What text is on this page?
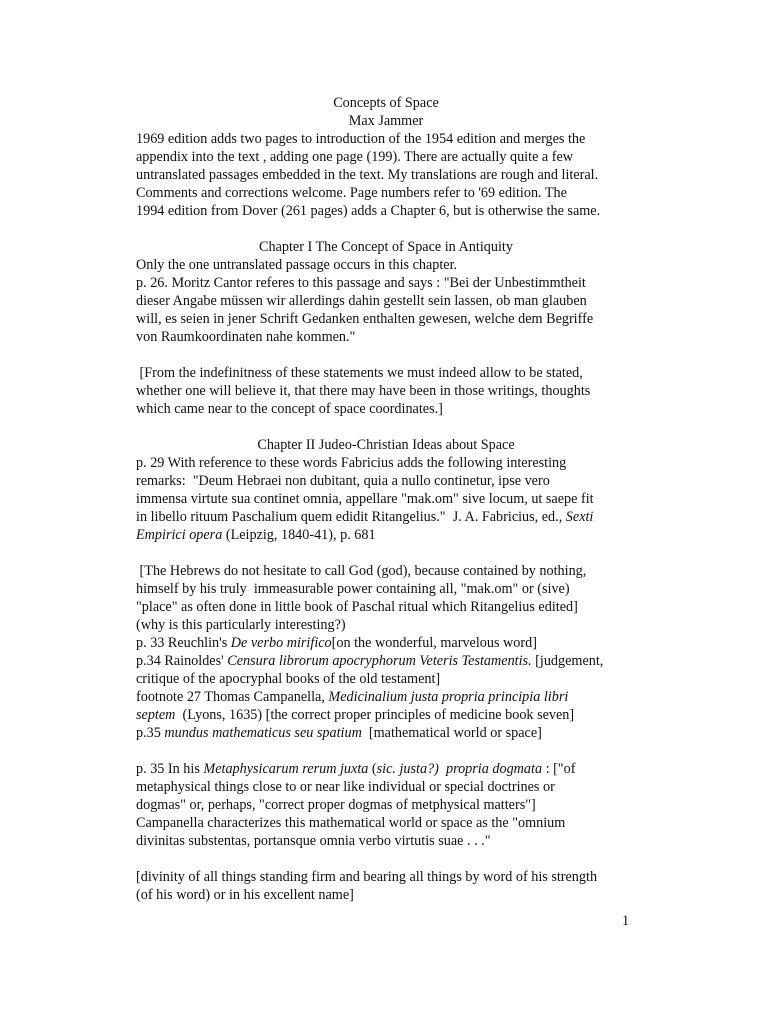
Concepts of Space
Max Jammer
1969 edition adds two pages to introduction of the 1954 edition and merges the
appendix into the text , adding one page (199). There are actually quite a few
untranslated passages embedded in the text. My translations are rough and literal.
Comments and corrections welcome. Page numbers refer to '69 edition. The
1994 edition from Dover (261 pages) adds a Chapter 6, but is otherwise the same.
Chapter I The Concept of Space in Antiquity
Only the one untranslated passage occurs in this chapter.
p. 26. Moritz Cantor referes to this passage and says : "Bei der Unbestimmtheit
dieser Angabe müssen wir allerdings dahin gestellt sein lassen, ob man glauben
will, es seien in jener Schrift Gedanken enthalten gewesen, welche dem Begriffe
von Raumkoordinaten nahe kommen."
[From the indefinitness of these statements we must indeed allow to be stated,
whether one will believe it, that there may have been in those writings, thoughts
which came near to the concept of space coordinates.]
Chapter II Judeo-Christian Ideas about Space
p. 29 With reference to these words Fabricius adds the following interesting
remarks:  "Deum Hebraei non dubitant, quia a nullo continetur, ipse vero
immensa virtute sua continet omnia, appellare "mak.om" sive locum, ut saepe fit
in libello rituum Paschalium quem edidit Ritangelius."  J. A. Fabricius, ed., Sexti
Empirici opera (Leipzig, 1840-41), p. 681
[The Hebrews do not hesitate to call God (god), because contained by nothing,
himself by his truly  immeasurable power containing all, "mak.om" or (sive)
"place" as often done in little book of Paschal ritual which Ritangelius edited]
(why is this particularly interesting?)
p. 33 Reuchlin's De verbo mirifico[on the wonderful, marvelous word]
p.34 Rainoldes' Censura librorum apocryphorum Veteris Testamentis. [judgement,
critique of the apocryphal books of the old testament]
footnote 27 Thomas Campanella, Medicinalium justa propria principia libri
septem  (Lyons, 1635) [the correct proper principles of medicine book seven]
p.35 mundus mathematicus seu spatium  [mathematical world or space]
p. 35 In his Metaphysicarum rerum juxta (sic. justa?)  propria dogmata : ["of
metaphysical things close to or near like individual or special doctrines or
dogmas" or, perhaps, "correct proper dogmas of metphysical matters"]
Campanella characterizes this mathematical world or space as the "omnium
divinitas substentas, portansque omnia verbo virtutis suae . . ."
[divinity of all things standing firm and bearing all things by word of his strength
(of his word) or in his excellent name]
1
